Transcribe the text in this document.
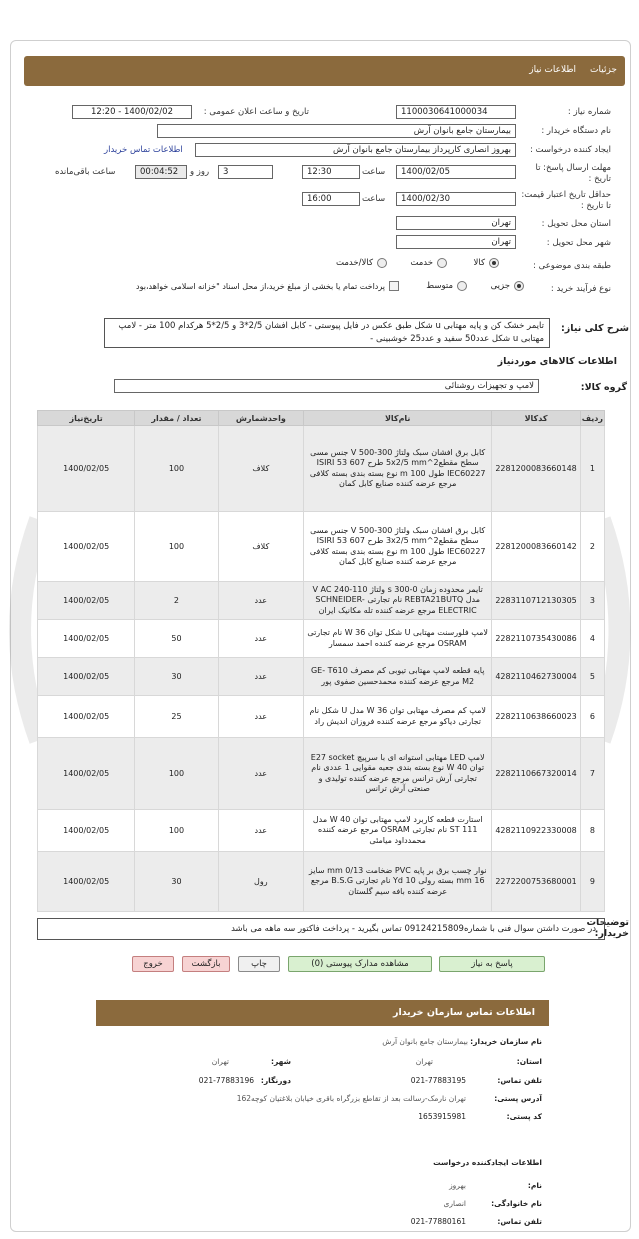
جزئیات
اطلاعات نیاز
شماره نیاز :
1100030641000034
تاریخ و ساعت اعلان عمومی :
1400/02/02 - 12:20
نام دستگاه خریدار :
بیمارستان جامع بانوان آرش
ایجاد کننده درخواست :
بهروز انصاری کارپرداز بیمارستان جامع بانوان آرش
اطلاعات تماس خریدار
مهلت ارسال پاسخ: تا تاریخ :
1400/02/05
ساعت
12:30
3
روز و
00:04:52
ساعت باقی‌مانده
حداقل تاریخ اعتبار قیمت: تا تاریخ :
1400/02/30
ساعت
16:00
استان محل تحویل :
تهران
شهر محل تحویل :
تهران
طبقه بندی موضوعی :
کالا
خدمت
کالا/خدمت
نوع فرآیند خرید :
جزیی
متوسط
پرداخت تمام یا بخشی از مبلغ خرید،از محل اسناد "خزانه اسلامی خواهد،بود
شرح کلی نیاز:
تایمر خشک کن و پایه مهتابی u شکل طبق عکس در فایل پیوستی - کابل افشان 2/5*3 و 2/5*5 هرکدام 100 متر - لامپ مهتابی u شکل عدد50 سفید و عدد25 خوشبینی -
اطلاعات کالاهای موردنیاز
گروه کالا:
لامپ و تجهیزات روشنائی
ردیف	کدکالا	نام‌کالا	واحدشمارش	تعداد / مقدار	تاریخ‌نیاز
1	2281200083660148	کابل برق افشان سبک ولتاژ 300-500 V جنس مسی سطح مقطع5x2/5 mm^2 طرح 607 ISIRI 53 IEC60227 طول 100 m نوع بسته بندی بسته کلافی مرجع عرضه کننده صنایع کابل کمان	کلاف	100	1400/02/05
2	2281200083660142	کابل برق افشان سبک ولتاژ 300-500 V جنس مسی سطح مقطع3x2/5 mm^2 طرح 607 ISIRI 53 IEC60227 طول 100 m نوع بسته بندی بسته کلافی مرجع عرضه کننده صنایع کابل کمان	کلاف	100	1400/02/05
3	2283110712130305	تایمر محدوده زمان 0-300 s ولتاژ 110-240 V AC مدل REBTA21BUTQ نام تجارتی SCHNEIDER- ELECTRIC مرجع عرضه کننده تله مکانیک ایران	عدد	2	1400/02/05
4	2282110735430086	لامپ فلورسنت مهتابی U شکل توان 36 W نام تجارتی OSRAM مرجع عرضه کننده احمد سمسار	عدد	50	1400/02/05
5	4282110462730004	پایه قطعه لامپ مهتابی تیوبی کم مصرف GE- T610 M2 مرجع عرضه کننده محمدحسین صفوی پور	عدد	30	1400/02/05
6	2282110638660023	لامپ کم مصرف مهتابی توان 36 W مدل U شکل نام تجارتی دیاکو مرجع عرضه کننده فروزان اندیش راد	عدد	25	1400/02/05
7	2282110667320014	لامپ LED مهتابی استوانه ای با سرپیچ E27 socket توان 40 W نوع بسته بندی جعبه مقوایی 1 عددی نام تجارتی آرش ترانس مرجع عرضه کننده تولیدی و صنعتی آرش ترانس	عدد	100	1400/02/05
8	4282110922330008	استارت قطعه کاربرد لامپ مهتابی توان 40 W مدل ST 111 نام تجارتی OSRAM مرجع عرضه کننده محمدداود میامئی	عدد	100	1400/02/05
9	2272200753680001	نوار چسب برق بر پایه PVC ضخامت 0/13 mm سایز 16 mm بسته رولی 10 Yd نام تجارتی B.S.G مرجع عرضه کننده بافه سیم گلستان	رول	30	1400/02/05
توضیحات خریدار:
در صورت داشتن سوال فنی با شماره09124215809 تماس بگیرید - پرداخت فاکتور سه ماهه می باشد
پاسخ به نیاز
مشاهده مدارک پیوستی (0)
چاپ
بازگشت
خروج
اطلاعات تماس سازمان خریدار
نام سازمان خریدار:
بیمارستان جامع بانوان آرش
استان:
تهران
شهر:
تهران
تلفن تماس:
021-77883195
دورنگار:
021-77883196
آدرس پستی:
تهران نارمک-رسالت بعد از تقاطع بزرگراه باقری خیابان بلاغتیان کوچه162
کد پستی:
1653915981
اطلاعات ایجادکننده درخواست
نام:
بهروز
نام خانوادگی:
انصاری
تلفن تماس:
021-77880161
